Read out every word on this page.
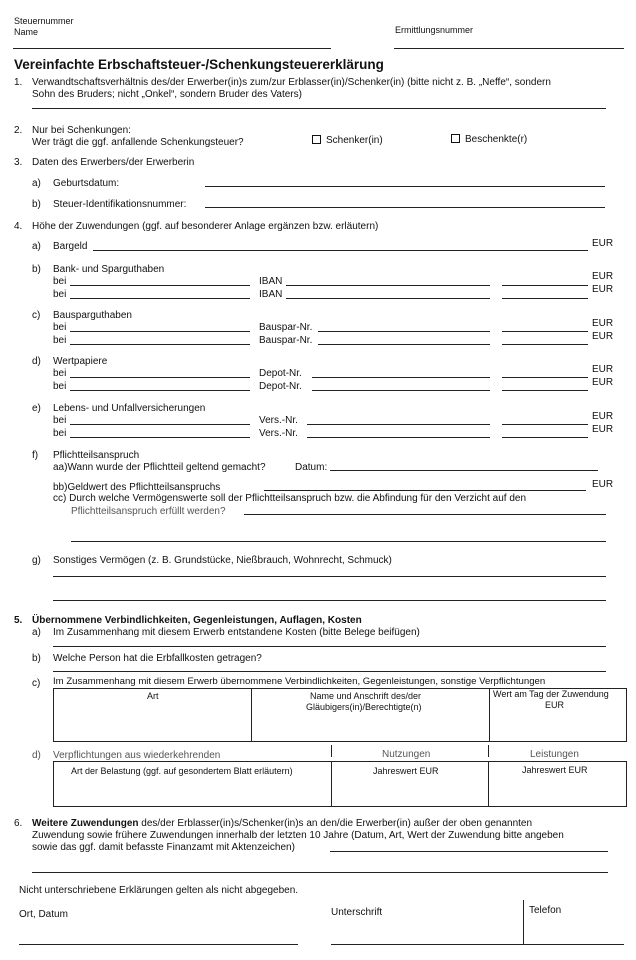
Steuernummer
Name	Ermittlungsnummer
Vereinfachte Erbschaftsteuer-/Schenkungsteuererklärung
1. Verwandtschaftsverhältnis des/der Erwerber(in)s zum/zur Erblasser(in)/Schenker(in) (bitte nicht z. B. „Neffe“, sondern
Sohn des Bruders; nicht „Onkel“, sondern Bruder des Vaters)
2. Nur bei Schenkungen:
Wer trägt die ggf. anfallende Schenkungsteuer?	Schenker(in)	Beschenkte(r)
3. Daten des Erwerbers/der Erwerberin
a) Geburtsdatum:
b) Steuer-Identifikationsnummer:
4. Höhe der Zuwendungen (ggf. auf besonderer Anlage ergänzen bzw. erläutern)
a) Bargeld	EUR
b) Bank- und Sparguthaben
bei	IBAN	EUR
bei	IBAN	EUR
c) Bausparguthaben
bei	Bauspar-Nr.	EUR
bei	Bauspar-Nr.	EUR
d) Wertpapiere
bei	Depot-Nr.	EUR
bei	Depot-Nr.	EUR
e) Lebens- und Unfallversicherungen
bei	Vers.-Nr.	EUR
bei	Vers.-Nr.	EUR
f) Pflichtteilsanspruch
aa)Wann wurde der Pflichtteil geltend gemacht?	Datum:
bb)Geldwert des Pflichtteilsanspruchs	EUR
cc) Durch welche Vermögenswerte soll der Pflichtteilsanspruch bzw. die Abfindung für den Verzicht auf den
Pflichtteilsanspruch erfüllt werden?
g) Sonstiges Vermögen (z. B. Grundstücke, Nießbrauch, Wohnrecht, Schmuck)
5. Übernommene Verbindlichkeiten, Gegenleistungen, Auflagen, Kosten
a) Im Zusammenhang mit diesem Erwerb entstandene Kosten (bitte Belege beifügen)
b) Welche Person hat die Erbfallkosten getragen?
c) Im Zusammenhang mit diesem Erwerb übernommene Verbindlichkeiten, Gegenleistungen, sonstige Verpflichtungen
Art	Name und Anschrift des/der
Gläubigers(in)/Berechtigte(n)
Wert am Tag der Zuwendung
EUR
d) Verpflichtungen aus wiederkehrenden	Nutzungen	Leistungen
Art der Belastung (ggf. auf gesondertem Blatt erläutern)	Jahreswert EUR	Jahreswert EUR
6. Weitere Zuwendungen des/der Erblasser(in)s/Schenker(in)s an den/die Erwerber(in) außer der oben genannten
Zuwendung sowie frühere Zuwendungen innerhalb der letzten 10 Jahre (Datum, Art, Wert der Zuwendung bitte angeben
sowie das ggf. damit befasste Finanzamt mit Aktenzeichen)
Nicht unterschriebene Erklärungen gelten als nicht abgegeben.
Ort, Datum	Unterschrift	Telefon
